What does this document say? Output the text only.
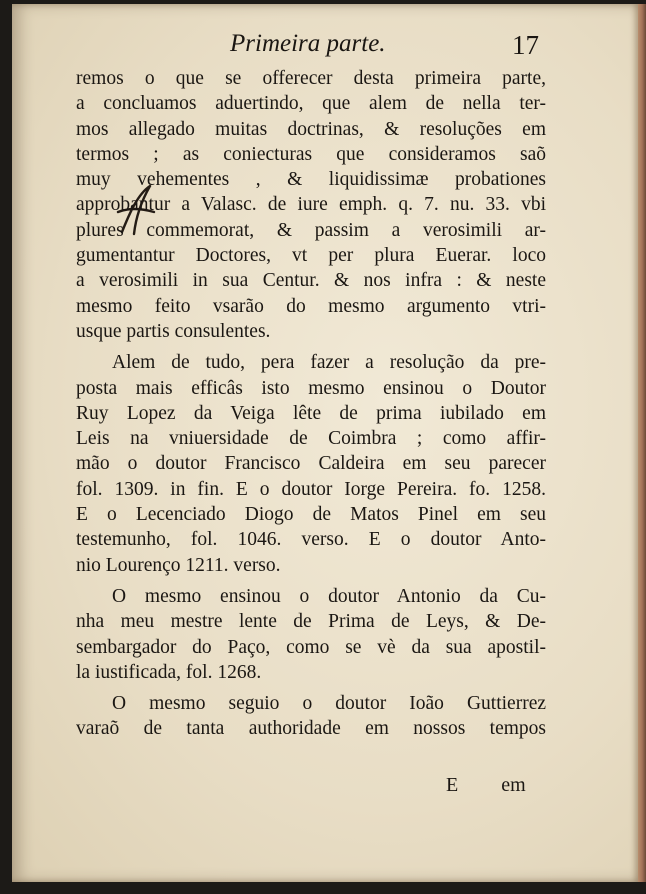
Primeira parte.	17
remos o que se offerecer desta primeira parte,
a concluamos aduertindo, que alem de nella ter-
mos allegado muitas doctrinas, & resoluções em
termos ; as coniecturas que consideramos saõ
muy vehementes , & liquidissimæ probationes
approbantur a Valasc. de iure emph. q. 7. nu. 33. vbi
plures commemorat, & passim a verosimili ar-
gumentantur Doctores, vt per plura Euerar. loco
a verosimili in sua Centur. & nos infra : & neste
mesmo feito vsarão do mesmo argumento vtri-
usque partis consulentes.
Alem de tudo, pera fazer a resolução da pre-
posta mais efficâs isto mesmo ensinou o Doutor
Ruy Lopez da Veiga lête de prima iubilado em
Leis na vniuersidade de Coimbra ; como affir-
mão o doutor Francisco Caldeira em seu parecer
fol. 1309. in fin. E o doutor Iorge Pereira. fo. 1258.
E o Lecenciado Diogo de Matos Pinel em seu
testemunho, fol. 1046. verso. E o doutor Anto-
nio Lourenço 1211. verso.
O mesmo ensinou o doutor Antonio da Cu-
nha meu mestre lente de Prima de Leys, & De-
sembargador do Paço, como se vè da sua apostil-
la iustificada, fol. 1268.
O mesmo seguio o doutor Ioão Guttierrez
varaõ de tanta authoridade em nossos tempos
E em
